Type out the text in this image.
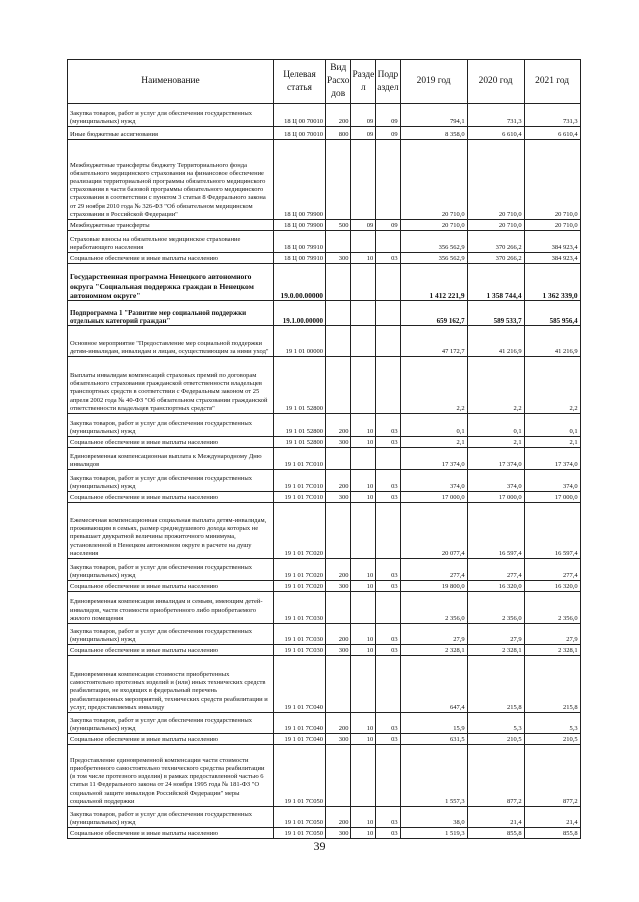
Наименование	Целевая статья	Вид Расхо дов	Разде л	Подр аздел	2019 год	2020 год	2021 год
Закупка товаров, работ и услуг для обеспечения государственных (муниципальных) нужд	18 Ц 00 70010	200	09	09	794,1	731,3	731,3
Иные бюджетные ассигнования	18 Ц 00 70010	800	09	09	8 358,0	6 610,4	6 610,4
Межбюджетные трансферты бюджету Территориального фонда обязательного медицинского страхования на финансовое обеспечение реализации территориальной программы обязательного медицинского страхования в части базовой программы обязательного медицинского страхования в соответствии с пунктом 3 статьи 8 Федерального закона от 29 ноября 2010 года № 326-ФЗ "Об обязательном медицинском страховании в Российской Федерации"	18 Ц 00 79900				20 710,0	20 710,0	20 710,0
Межбюджетные трансферты	18 Ц 00 79900	500	09	09	20 710,0	20 710,0	20 710,0
Страховые взносы на обязательное медицинское страхование неработающего населения	18 Ц 00 79910				356 562,9	370 266,2	384 923,4
Социальное обеспечение и иные выплаты населению	18 Ц 00 79910	300	10	03	356 562,9	370 266,2	384 923,4
Государственная программа Ненецкого автономного округа "Социальная поддержка граждан в Ненецком автономном округе"	19.0.00.00000				1 412 221,9	1 358 744,4	1 362 339,0
Подпрограмма 1 "Развитие мер социальной поддержки отдельных категорий граждан"	19.1.00.00000				659 162,7	589 533,7	585 956,4
Основное мероприятие "Предоставление мер социальной поддержки детям-инвалидам, инвалидам и лицам, осуществляющим за ними уход"	19 1 01 00000				47 172,7	41 216,9	41 216,9
Выплаты инвалидам компенсаций страховых премий по договорам обязательного страхования гражданской ответственности владельцев транспортных средств в соответствии с Федеральным законом от 25 апреля 2002 года № 40-ФЗ "Об обязательном страховании гражданской ответственности владельцев транспортных средств"	19 1 01 52800				2,2	2,2	2,2
Закупка товаров, работ и услуг для обеспечения государственных (муниципальных) нужд	19 1 01 52800	200	10	03	0,1	0,1	0,1
Социальное обеспечение и иные выплаты населению	19 1 01 52800	300	10	03	2,1	2,1	2,1
Единовременная компенсационная выплата к Международному Дню инвалидов	19 1 01 7С010				17 374,0	17 374,0	17 374,0
Закупка товаров, работ и услуг для обеспечения государственных (муниципальных) нужд	19 1 01 7С010	200	10	03	374,0	374,0	374,0
Социальное обеспечение и иные выплаты населению	19 1 01 7С010	300	10	03	17 000,0	17 000,0	17 000,0
Ежемесячная компенсационная социальная выплата детям-инвалидам, проживающим в семьях, размер среднедушевого дохода которых не превышает двукратной величины прожиточного минимума, установленной в Ненецком автономном округе в расчете на душу населения	19 1 01 7С020				20 077,4	16 597,4	16 597,4
Закупка товаров, работ и услуг для обеспечения государственных (муниципальных) нужд	19 1 01 7С020	200	10	03	277,4	277,4	277,4
Социальное обеспечение и иные выплаты населению	19 1 01 7С020	300	10	03	19 800,0	16 320,0	16 320,0
Единовременная компенсация инвалидам и семьям, имеющим детей-инвалидов, части стоимости приобретенного либо приобретаемого жилого помещения	19 1 01 7С030				2 356,0	2 356,0	2 356,0
Закупка товаров, работ и услуг для обеспечения государственных (муниципальных) нужд	19 1 01 7С030	200	10	03	27,9	27,9	27,9
Социальное обеспечение и иные выплаты населению	19 1 01 7С030	300	10	03	2 328,1	2 328,1	2 328,1
Единовременная компенсация стоимости приобретенных самостоятельно протезных изделий и (или) иных технических средств реабилитации, не входящих в федеральный перечень реабилитационных мероприятий, технических средств реабилитации и услуг, предоставляемых инвалиду	19 1 01 7С040				647,4	215,8	215,8
Закупка товаров, работ и услуг для обеспечения государственных (муниципальных) нужд	19 1 01 7С040	200	10	03	15,9	5,3	5,3
Социальное обеспечение и иные выплаты населению	19 1 01 7С040	300	10	03	631,5	210,5	210,5
Предоставление единовременной компенсации части стоимости приобретенного самостоятельно технического средства реабилитации (в том числе протезного изделия) в рамках предоставленной частью 6 статьи 11 Федерального закона от 24 ноября 1995 года № 181-ФЗ "О социальной защите инвалидов Российской Федерации" меры социальной поддержки	19 1 01 7С050				1 557,3	877,2	877,2
Закупка товаров, работ и услуг для обеспечения государственных (муниципальных) нужд	19 1 01 7С050	200	10	03	38,0	21,4	21,4
Социальное обеспечение и иные выплаты населению	19 1 01 7С050	300	10	03	1 519,3	855,8	855,8
39
